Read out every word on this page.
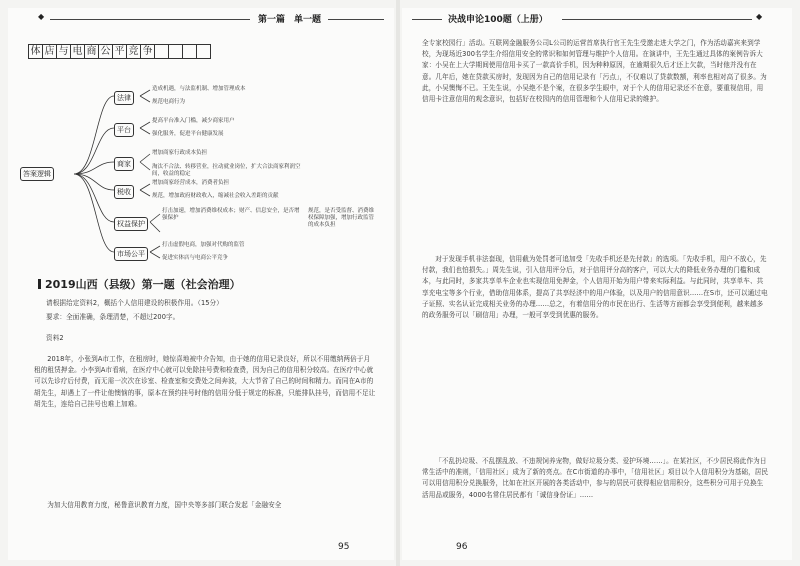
◆	第一篇　单一题
体 店 与 电 商 公 平 竞 争
答案逻辑
法律
造成机遇，与法监机制、增加管理成本
规范电商行为
平台
提高平台准入门槛，减少商家用户
强化服务，促进平台健康发展
商家
增加商家行政成本负担
淘汰不合法、转移营业，拉动就业岗位，扩大合法商家利润空间，收益的稳定
税收
增加商家经营成本，消费者负担
规范，增加政府财政收入，缩减社会收入差距的贡献
权益保护
打击加速，增加消费维权成本；财产、信息安全，是否增强保护
规范，是否受监督、消费维权保障加强，增加行政监管的成本负担
市场公平
打击虚假电商，加强对代购的监管
促进实体店与电商公平竞争
2019山西（县级）第一题（社会治理）
请根据给定资料2，概括个人信用建设的积极作用。（15分）
要求：全面准确，条理清楚，不超过200字。
资料2
2018年，小张到A市工作，在租房时，她惊喜地被中介告知，由于她的信用记录良好，所以不用缴纳两倍于月租的租赁押金。小李到A市看病，在医疗中心就可以免除挂号费和检查费，因为自己的信用积分较高。在医疗中心就可以先诊疗后付费，而无需一次次在诊室、检查室和交费处之间奔波，大大节省了自己的时间和精力。而同在A市的胡先生，却遇上了一件让他懊恼的事，原本在预约挂号时他的信用分低于规定的标准，只能排队挂号，而信用不足让胡先生，连给自己挂号也难上加难。
为加大信用教育力度，秘鲁意识教育力度，国中央等多部门联合发起「金融安全
95
决战申论100题（上册）	◆
全专家校园行」活动。互联网金融服务公司L公司的运营首席执行官王先生受邀走进大学之门，作为活动嘉宾来到学校，为现场近300名学生介绍信用安全的常识和如何管理与维护个人信用。在演讲中，王先生通过具体的案例告诉大家：小吴在上大学期间使用信用卡买了一款高价手机，因为种种原因，在逾期很久后才还上欠款，当时他并没有在意。几年后，她在贷款买房时，发现因为自己的信用记录有「污点」，不仅难以了贷款数额，利率也相对高了很多。为此，小吴懊悔不已。王先生说，小吴绝不是个案，在很多学生眼中，对于个人的信用记录还不在意，要重视信用，用信用卡注意信用的观念意识，包括好在校园内的信用管理和个人信用记录的维护。
对于发现手机非法套现，信用截为处罚者可追加受「先收手机还是先付款」的选项。「先收手机，用户不放心，先付款，我们也怕损失。」周先生说，引入信用评分后，对于信用评分高的客户，可以大大的降低业务办理的门槛和成本，与此同时，多家共享单车企业也实现信用免押金，个人信用开始为用户带来实际利益。与此同时，共享单车、共享充电宝等多个行业，借助信用体系，提高了共享经济中的用户体验，以及用户的信用意识……在S市，还可以通过电子证照、实名认证完成相关业务的办理……总之，有着信用分的市民在出行、生活等方面都会享受到便利，越来越多的政务服务可以「刷信用」办理，一般可享受到优惠的服务。
「不乱扔垃圾、不乱摆乱放、不违规饲养宠物，做好垃圾分类、爱护环境……」。在某社区，不少居民将此作为日常生活中的准则，「信用社区」成为了新的亮点。在C市街道的办事中，「信用社区」项目以个人信用积分为基础，居民可以用信用积分兑换服务，比如在社区开展的各类活动中，参与的居民可获得相应信用积分，这些积分可用于兑换生活用品或服务，4000名常住居民都有「诚信身份证」……
96
